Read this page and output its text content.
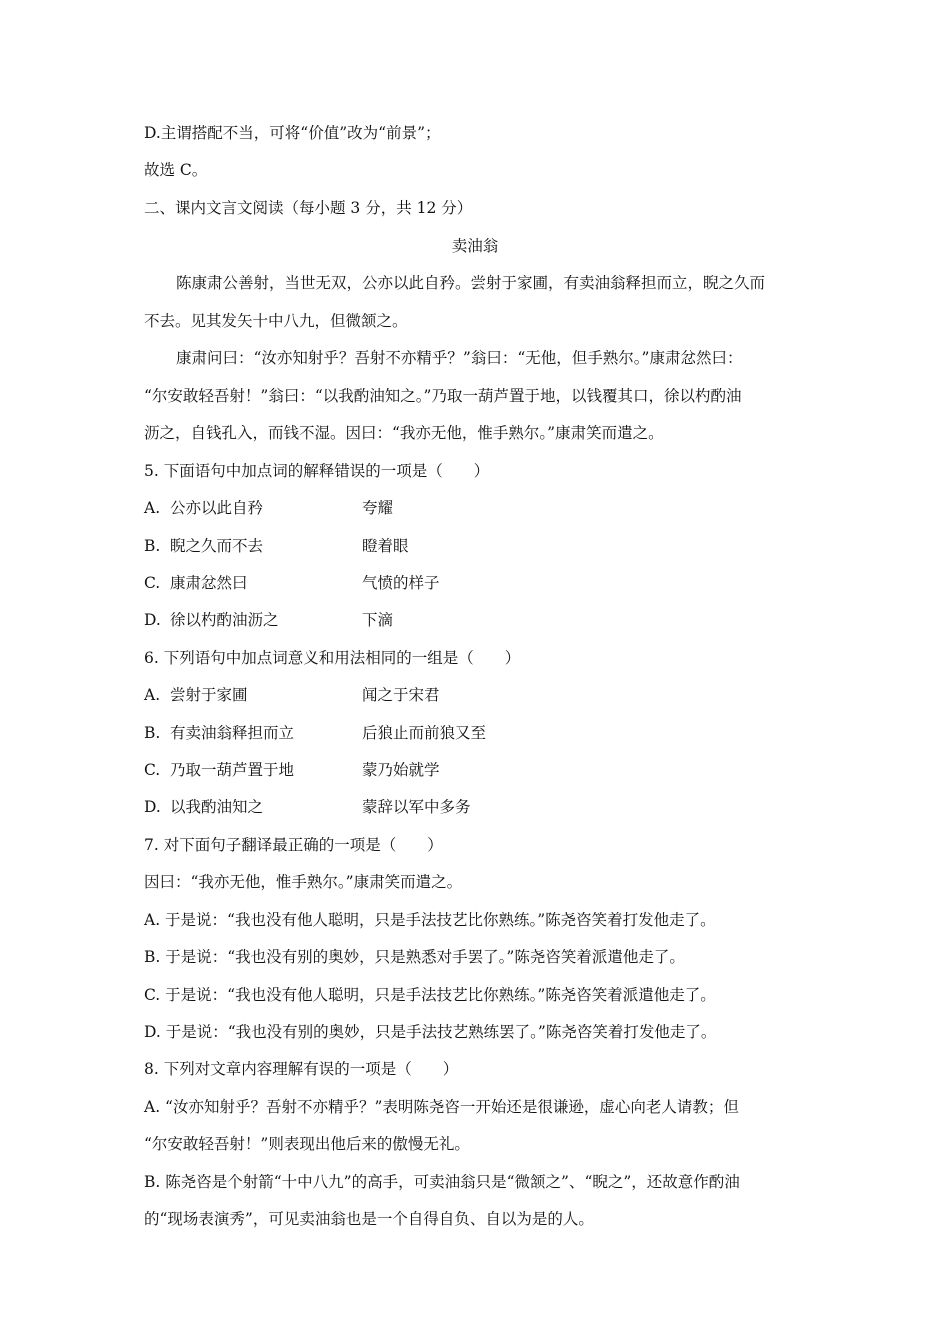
D.主谓搭配不当，可将“价值”改为“前景”；
故选 C。
二、课内文言文阅读（每小题 3 分，共 12 分）
卖油翁
陈康肃公善射，当世无双，公亦以此自矜。尝射于家圃，有卖油翁释担而立，睨之久而
不去。见其发矢十中八九，但微颔之。
康肃问曰：“汝亦知射乎？吾射不亦精乎？”翁曰：“无他，但手熟尔。”康肃忿然曰：
“尔安敢轻吾射！”翁曰：“以我酌油知之。”乃取一葫芦置于地，以钱覆其口，徐以杓酌油
沥之，自钱孔入，而钱不湿。因曰：“我亦无他，惟手熟尔。”康肃笑而遣之。
5. 下面语句中加点词的解释错误的一项是（　　）
A. 公亦以此自矜	夸耀
B. 睨之久而不去	瞪着眼
C. 康肃忿然曰	气愤的样子
D. 徐以杓酌油沥之	下滴
6. 下列语句中加点词意义和用法相同的一组是（　　）
A. 尝射于家圃	闻之于宋君
B. 有卖油翁释担而立	后狼止而前狼又至
C. 乃取一葫芦置于地	蒙乃始就学
D. 以我酌油知之	蒙辞以军中多务
7. 对下面句子翻译最正确的一项是（　　）
因曰：“我亦无他，惟手熟尔。”康肃笑而遣之。
A. 于是说：“我也没有他人聪明，只是手法技艺比你熟练。”陈尧咨笑着打发他走了。
B. 于是说：“我也没有别的奥妙，只是熟悉对手罢了。”陈尧咨笑着派遣他走了。
C. 于是说：“我也没有他人聪明，只是手法技艺比你熟练。”陈尧咨笑着派遣他走了。
D. 于是说：“我也没有别的奥妙，只是手法技艺熟练罢了。”陈尧咨笑着打发他走了。
8. 下列对文章内容理解有误的一项是（　　）
A. “汝亦知射乎？吾射不亦精乎？”表明陈尧咨一开始还是很谦逊，虚心向老人请教；但
“尔安敢轻吾射！”则表现出他后来的傲慢无礼。
B. 陈尧咨是个射箭“十中八九”的高手，可卖油翁只是“微颔之”、“睨之”，还故意作酌油
的“现场表演秀”，可见卖油翁也是一个自得自负、自以为是的人。
